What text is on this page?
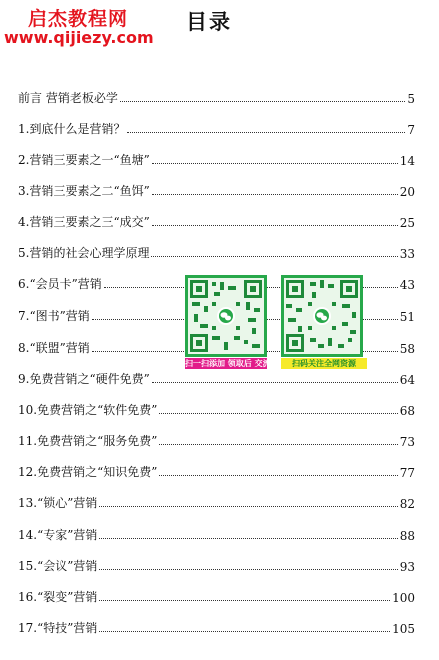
启杰教程网
www.qijiezy.com
目录
前言 营销老板必学	5
1.到底什么是营销？	7
2.营销三要素之一“鱼塘”	14
3.营销三要素之二“鱼饵”	20
4.营销三要素之三“成交”	25
5.营销的社会心理学原理	33
6.“会员卡”营销	43
7.“图书”营销	51
8.“联盟”营销	58
9.免费营销之“硬件免费”	64
10.免费营销之“软件免费”	68
11.免费营销之“服务免费”	73
12.免费营销之“知识免费”	77
13.“锁心”营销	82
14.“专家”营销	88
15.“会议”营销	93
16.“裂变”营销	100
17.“特技”营销	105
扫一扫添加 领取后 交流群	扫码关注全网资源
